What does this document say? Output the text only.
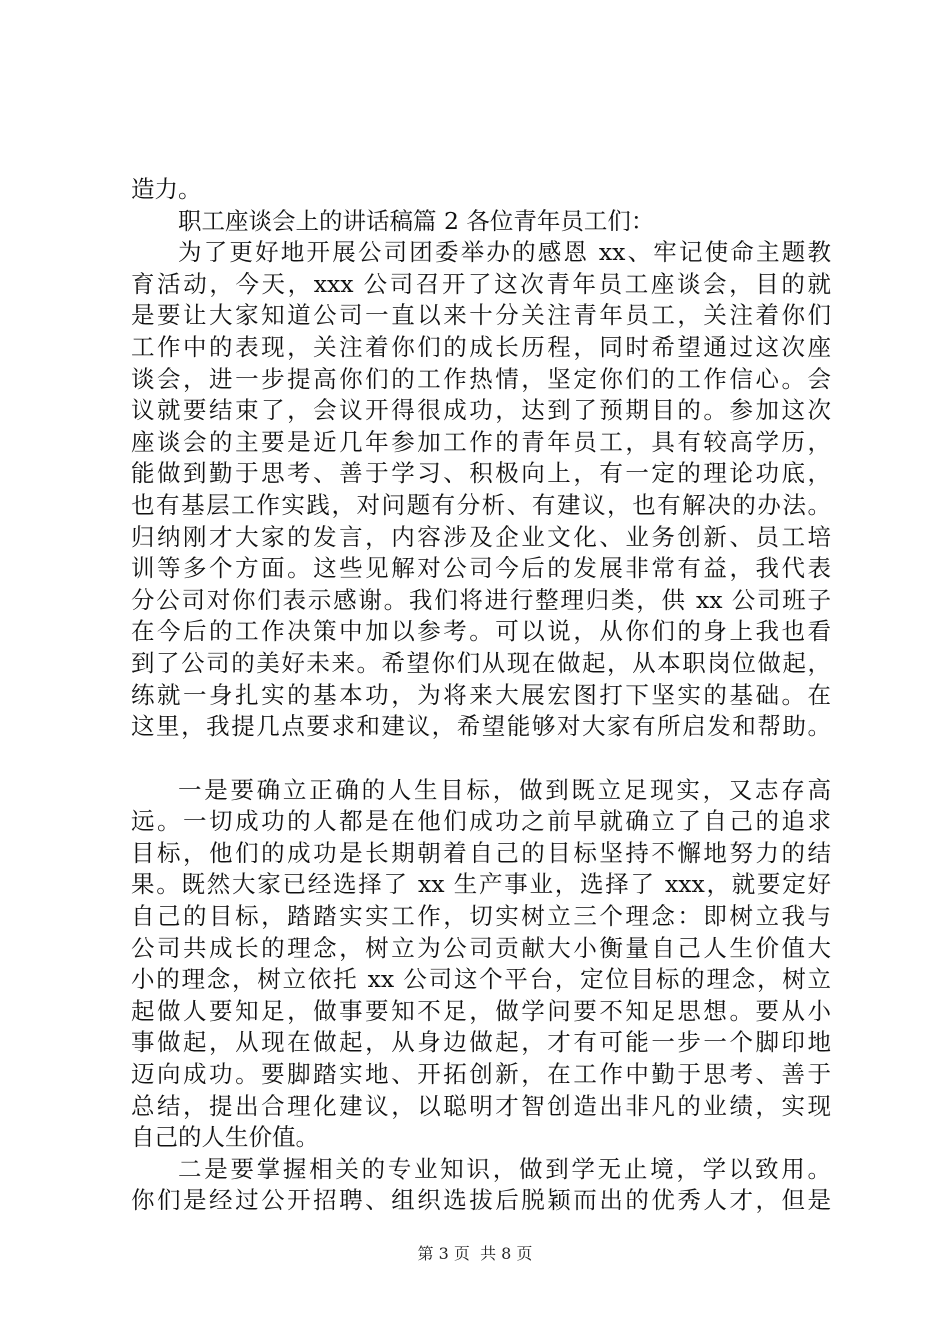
造力。
职工座谈会上的讲话稿篇 2 各位青年员工们：
为了更好地开展公司团委举办的感恩 xx、牢记使命主题教
育活动，今天，xxx 公司召开了这次青年员工座谈会，目的就
是要让大家知道公司一直以来十分关注青年员工，关注着你们
工作中的表现，关注着你们的成长历程，同时希望通过这次座
谈会，进一步提高你们的工作热情，坚定你们的工作信心。会
议就要结束了，会议开得很成功，达到了预期目的。参加这次
座谈会的主要是近几年参加工作的青年员工，具有较高学历，
能做到勤于思考、善于学习、积极向上，有一定的理论功底，
也有基层工作实践，对问题有分析、有建议，也有解决的办法。
归纳刚才大家的发言，内容涉及企业文化、业务创新、员工培
训等多个方面。这些见解对公司今后的发展非常有益，我代表
分公司对你们表示感谢。我们将进行整理归类，供 xx 公司班子
在今后的工作决策中加以参考。可以说，从你们的身上我也看
到了公司的美好未来。希望你们从现在做起，从本职岗位做起，
练就一身扎实的基本功，为将来大展宏图打下坚实的基础。在
这里，我提几点要求和建议，希望能够对大家有所启发和帮助。
一是要确立正确的人生目标，做到既立足现实，又志存高
远。一切成功的人都是在他们成功之前早就确立了自己的追求
目标，他们的成功是长期朝着自己的目标坚持不懈地努力的结
果。既然大家已经选择了 xx 生产事业，选择了 xxx，就要定好
自己的目标，踏踏实实工作，切实树立三个理念：即树立我与
公司共成长的理念，树立为公司贡献大小衡量自己人生价值大
小的理念，树立依托 xx 公司这个平台，定位目标的理念，树立
起做人要知足，做事要知不足，做学问要不知足思想。要从小
事做起，从现在做起，从身边做起，才有可能一步一个脚印地
迈向成功。要脚踏实地、开拓创新，在工作中勤于思考、善于
总结，提出合理化建议，以聪明才智创造出非凡的业绩，实现
自己的人生价值。
二是要掌握相关的专业知识，做到学无止境，学以致用。
你们是经过公开招聘、组织选拔后脱颖而出的优秀人才，但是
第 3 页  共 8 页
